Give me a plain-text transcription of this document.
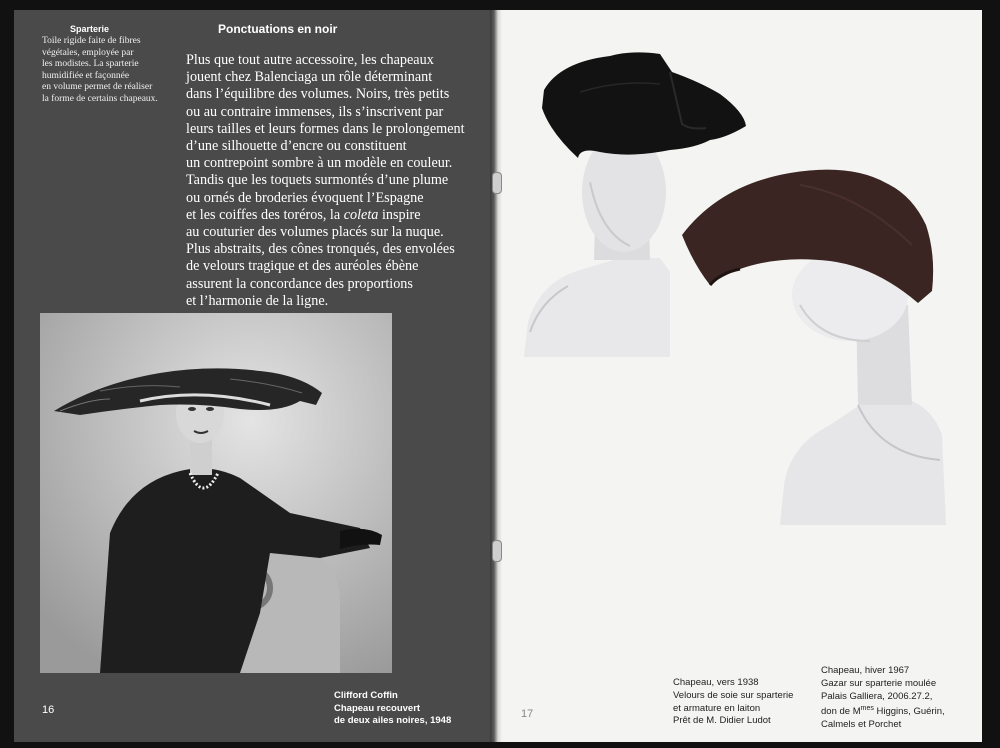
Sparterie
Toile rigide faite de fibres
végétales, employée par
les modistes. La sparterie
humidifiée et façonnée
en volume permet de réaliser
la forme de certains chapeaux.
Ponctuations en noir

Plus que tout autre accessoire, les chapeaux

jouent chez Balenciaga un rôle déterminant

dans l’équilibre des volumes. Noirs, très petits

ou au contraire immenses, ils s’inscrivent par

leurs tailles et leurs formes dans le prolongement

d’une silhouette d’encre ou constituent

un contrepoint sombre à un modèle en couleur.

Tandis que les toquets surmontés d’une plume

ou ornés de broderies évoquent l’Espagne

et les coiffes des toréros, la coleta inspire

au couturier des volumes placés sur la nuque.

Plus abstraits, des cônes tronqués, des envolées

de velours tragique et des auréoles ébène

assurent la concordance des proportions

et l’harmonie de la ligne.

Clifford Coffin
Chapeau recouvert
de deux ailes noires, 1948
16
Chapeau, vers 1938
Velours de soie sur sparterie
et armature en laiton
Prêt de M. Didier Ludot
Chapeau, hiver 1967
Gazar sur sparterie moulée
Palais Galliera, 2006.27.2,
don de $M^{mes}$ Higgins, Guérin,
Calmels et Porchet
17
